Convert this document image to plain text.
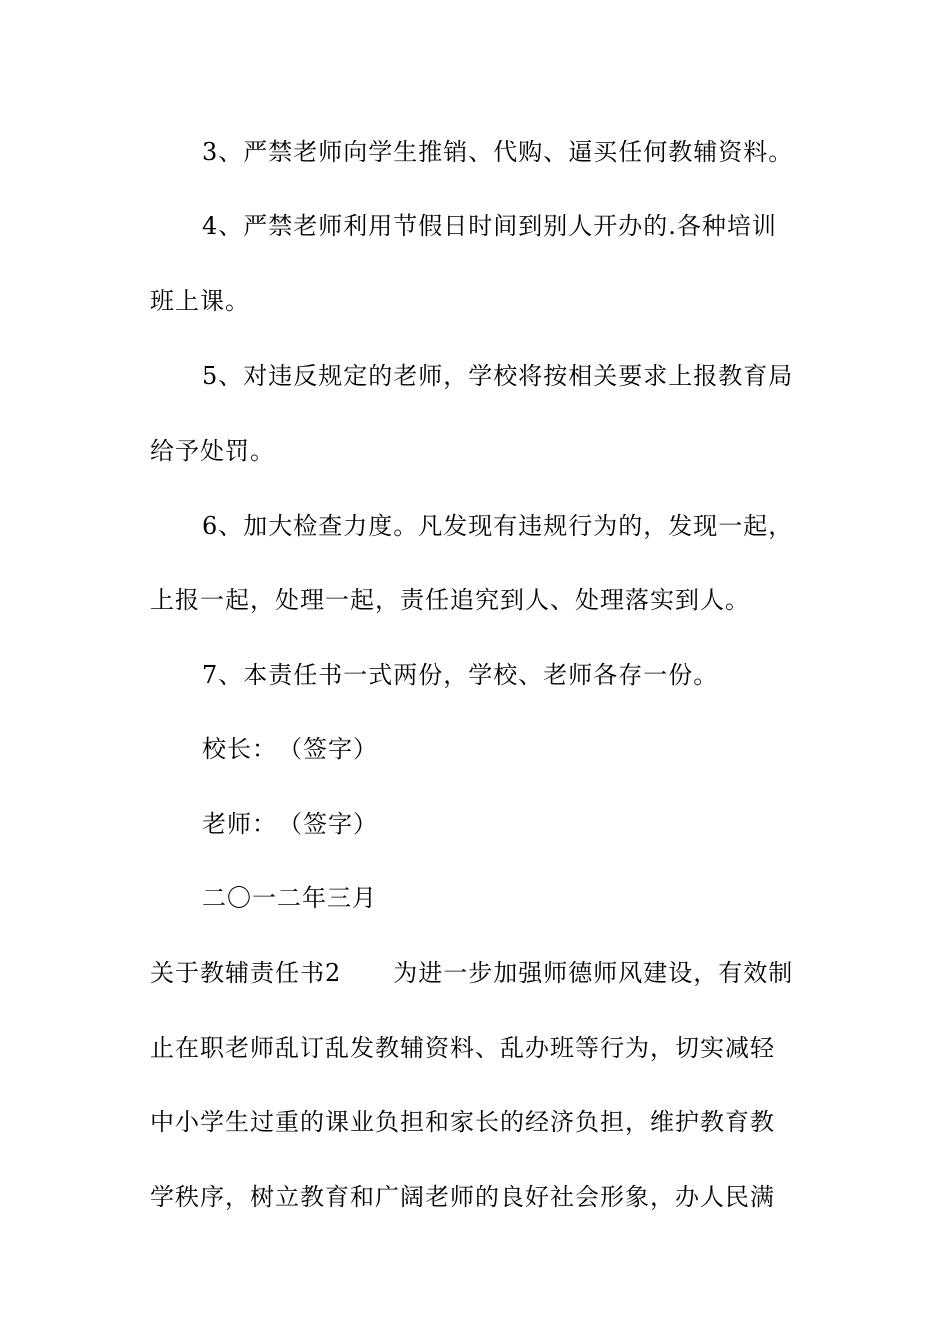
3、严禁老师向学生推销、代购、逼买任何教辅资料。
4、严禁老师利用节假日时间到别人开办的.各种培训
班上课。
5、对违反规定的老师，学校将按相关要求上报教育局
给予处罚。
6、加大检查力度。凡发现有违规行为的，发现一起，
上报一起，处理一起，责任追究到人、处理落实到人。
7、本责任书一式两份，学校、老师各存一份。
校长：　（签字）
老师：　（签字）
二〇一二年三月
关于教辅责任书2 为进一步加强师德师风建设，有效制
止在职老师乱订乱发教辅资料、乱办班等行为，切实减轻
中小学生过重的课业负担和家长的经济负担，维护教育教
学秩序，树立教育和广阔老师的良好社会形象，办人民满
